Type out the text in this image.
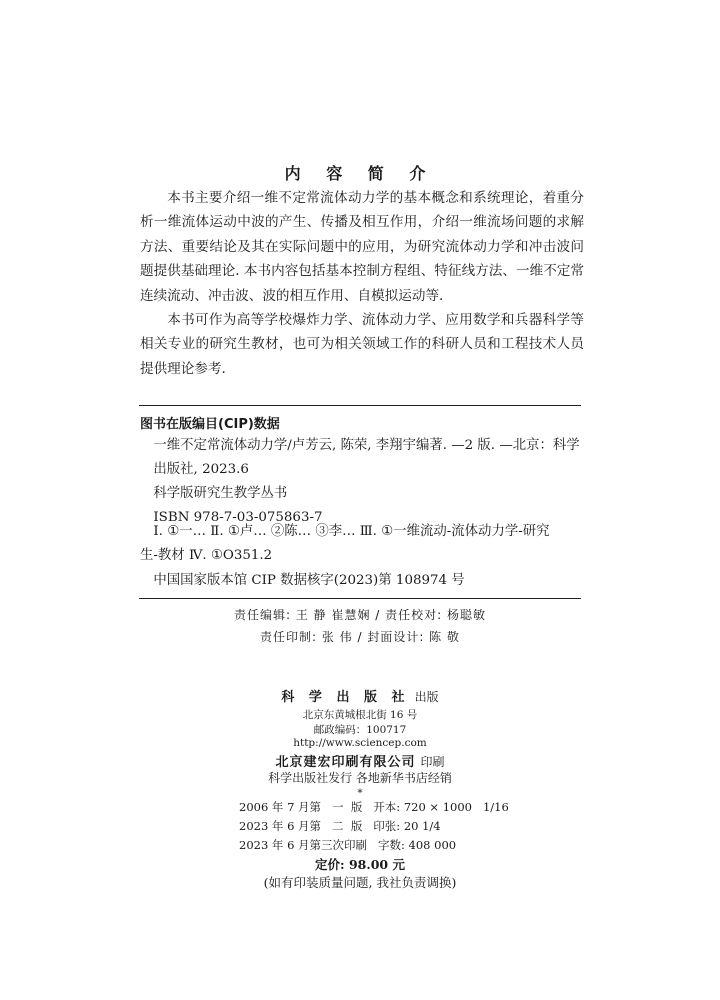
内 容 简 介

本书主要介绍一维不定常流体动力学的基本概念和系统理论，着重分析一维流体运动中波的产生、传播及相互作用，介绍一维流场问题的求解方法、重要结论及其在实际问题中的应用，为研究流体动力学和冲击波问题提供基础理论. 本书内容包括基本控制方程组、特征线方法、一维不定常连续流动、冲击波、波的相互作用、自模拟运动等.

本书可作为高等学校爆炸力学、流体动力学、应用数学和兵器科学等相关专业的研究生教材，也可为相关领域工作的科研人员和工程技术人员提供理论参考.

图书在版编目(CIP)数据
一维不定常流体动力学/卢芳云, 陈荣, 李翔宇编著. —2 版. —北京：科学
出版社, 2023.6
科学版研究生教学丛书
ISBN 978-7-03-075863-7
Ⅰ. ①一… Ⅱ. ①卢… ②陈… ③李… Ⅲ. ①一维流动-流体动力学-研究
生-教材 Ⅳ. ①O351.2
中国国家版本馆 CIP 数据核字(2023)第 108974 号
责任编辑: 王 静 崔慧娴 / 责任校对: 杨聪敏
责任印制: 张 伟 / 封面设计: 陈 敬
科 学 出 版 社 出版
北京东黄城根北街 16 号
邮政编码：100717
http://www.sciencep.com
北京建宏印刷有限公司 印刷
科学出版社发行 各地新华书店经销
*
2006 年 7 月第   一  版   开本: 720 × 1000   1/16
2023 年 6 月第   二  版   印张: 20 1/4
2023 年 6 月第三次印刷   字数: 408 000
定价: 98.00 元
(如有印装质量问题, 我社负责调换)
